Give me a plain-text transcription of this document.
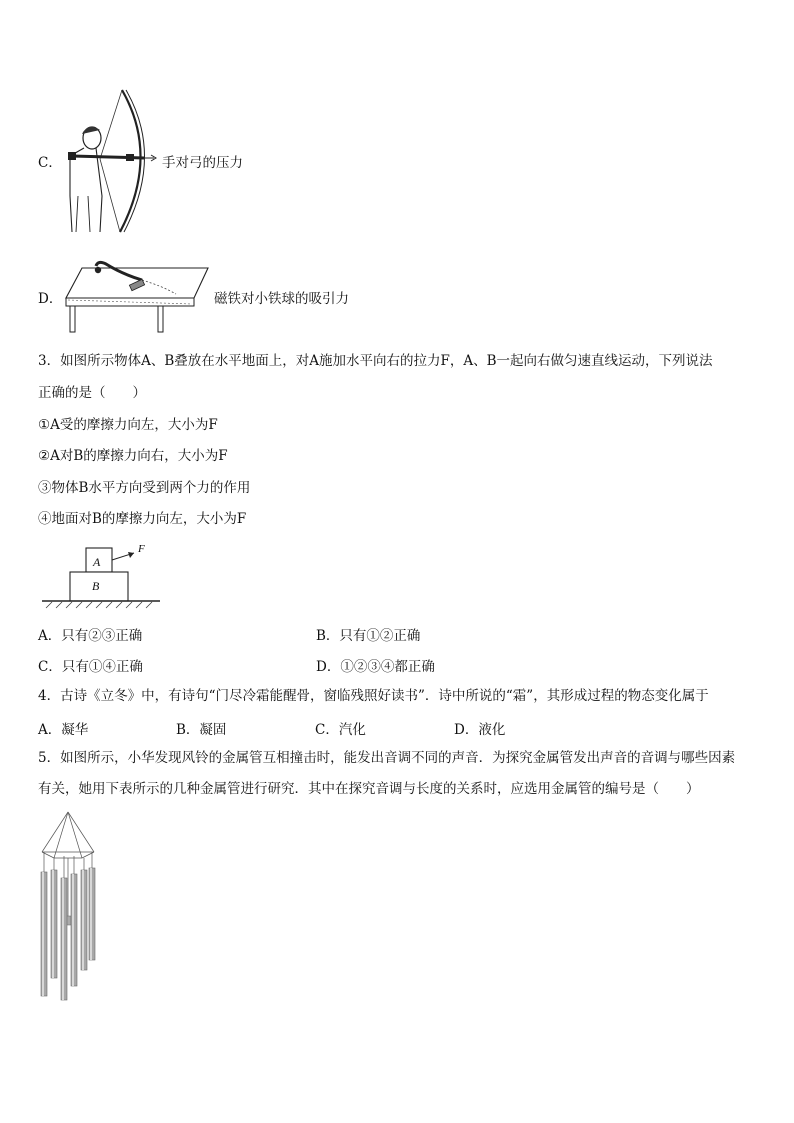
C．	手对弓的压力
D．	磁铁对小铁球的吸引力
3．如图所示物体A、B叠放在水平地面上，对A施加水平向右的拉力F，A、B一起向右做匀速直线运动，下列说法
正确的是（　　）
①A受的摩擦力向左，大小为F
②A对B的摩擦力向右，大小为F
③物体B水平方向受到两个力的作用
④地面对B的摩擦力向左，大小为F
A
B
F
A．只有②③正确	B．只有①②正确
C．只有①④正确	D．①②③④都正确
4．古诗《立冬》中，有诗句“门尽冷霜能醒骨，窗临残照好读书”．诗中所说的“霜”，其形成过程的物态变化属于
A．凝华	B．凝固	C．汽化	D．液化
5．如图所示，小华发现风铃的金属管互相撞击时，能发出音调不同的声音．为探究金属管发出声音的音调与哪些因素
有关，她用下表所示的几种金属管进行研究．其中在探究音调与长度的关系时，应选用金属管的编号是（　　）
